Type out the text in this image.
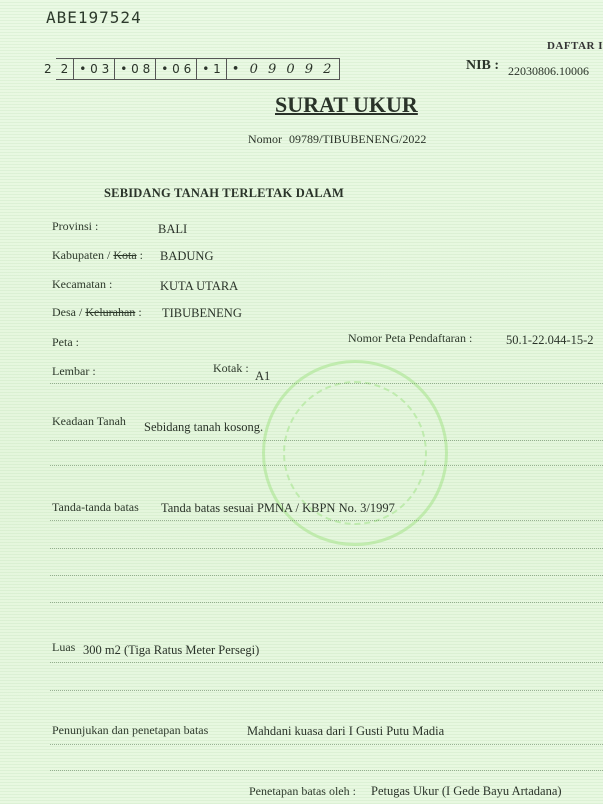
ABE197524
DAFTAR I
2 2 • 0 3 • 0 8 • 0 6 • 1 • 0 9 0 9 2	NIB : 22030806.10006
SURAT UKUR
Nomor 09789/TIBUBENENG/2022
SEBIDANG TANAH TERLETAK DALAM
Provinsi :	BALI
Kabupaten / Kota : BADUNG
Kecamatan :	KUTA UTARA
Desa / Kelurahan : TIBUBENENG
Peta :	Nomor Peta Pendaftaran :	50.1-22.044-15-2
Lembar :	Kotak :
A1
Keadaan Tanah Sebidang tanah kosong.
Tanda-tanda batas Tanda batas sesuai PMNA / KBPN No. 3/1997
Luas 300 m2 (Tiga Ratus Meter Persegi)
Penunjukan dan penetapan batas	Mahdani kuasa dari I Gusti Putu Madia
Penetapan batas oleh : Petugas Ukur (I Gede Bayu Artadana)
